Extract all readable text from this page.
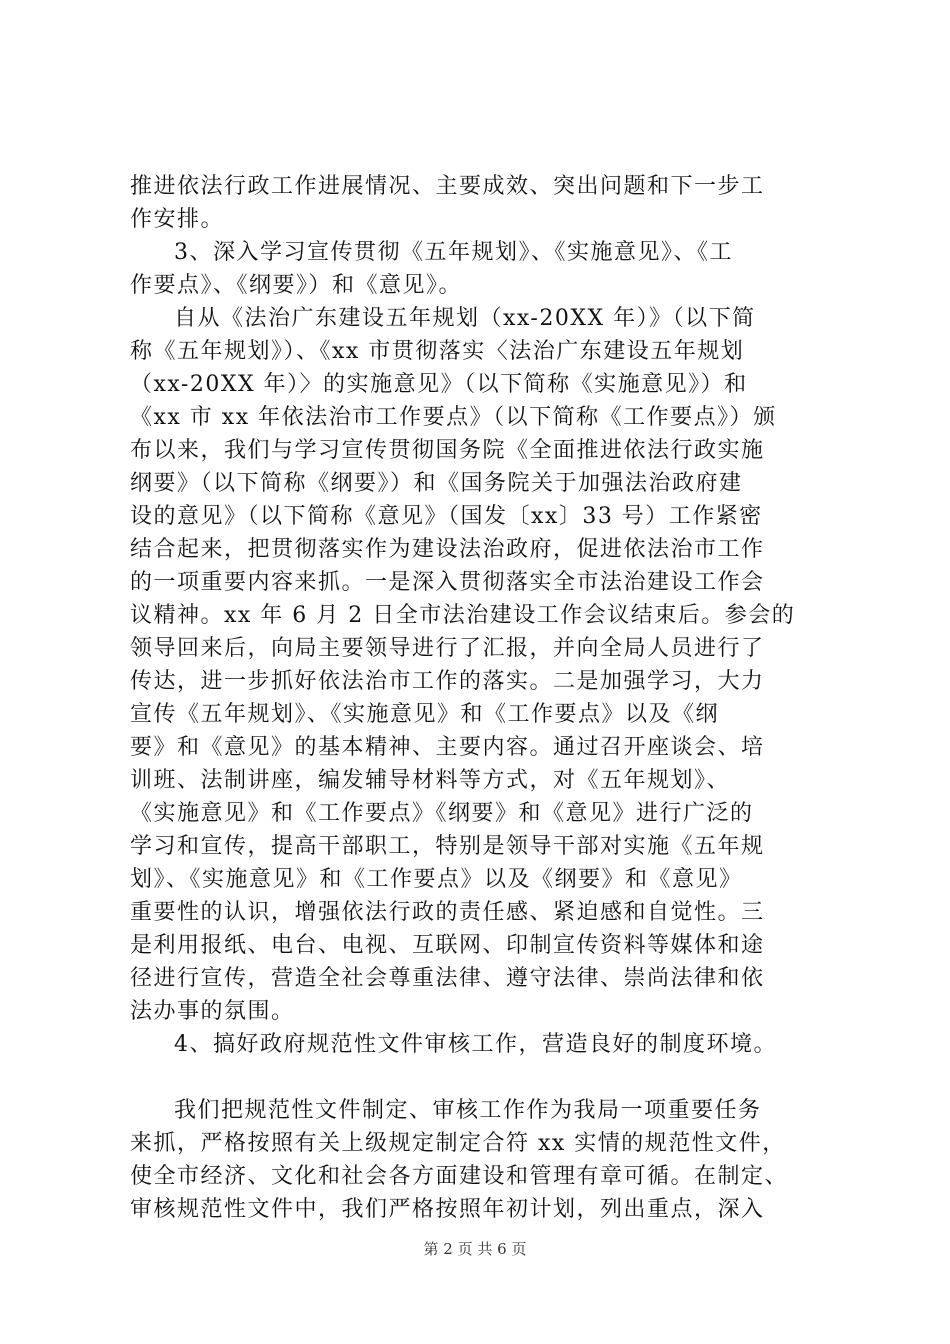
推进依法行政工作进展情况、主要成效、突出问题和下一步工
作安排。
3、深入学习宣传贯彻《五年规划》、《实施意见》、《工
作要点》、《纲要》）和《意见》。
自从《法治广东建设五年规划（xx-20XX 年）》（以下简
称《五年规划》）、《xx 市贯彻落实〈法治广东建设五年规划
（xx-20XX 年）〉的实施意见》（以下简称《实施意见》）和
《xx 市 xx 年依法治市工作要点》（以下简称《工作要点》）颁
布以来，我们与学习宣传贯彻国务院《全面推进依法行政实施
纲要》（以下简称《纲要》）和《国务院关于加强法治政府建
设的意见》（以下简称《意见》（国发〔xx〕33 号）工作紧密
结合起来，把贯彻落实作为建设法治政府，促进依法治市工作
的一项重要内容来抓。一是深入贯彻落实全市法治建设工作会
议精神。xx 年 6 月 2 日全市法治建设工作会议结束后。参会的
领导回来后，向局主要领导进行了汇报，并向全局人员进行了
传达，进一步抓好依法治市工作的落实。二是加强学习，大力
宣传《五年规划》、《实施意见》和《工作要点》以及《纲
要》和《意见》的基本精神、主要内容。通过召开座谈会、培
训班、法制讲座，编发辅导材料等方式，对《五年规划》、
《实施意见》和《工作要点》《纲要》和《意见》进行广泛的
学习和宣传，提高干部职工，特别是领导干部对实施《五年规
划》、《实施意见》和《工作要点》以及《纲要》和《意见》
重要性的认识，增强依法行政的责任感、紧迫感和自觉性。三
是利用报纸、电台、电视、互联网、印制宣传资料等媒体和途
径进行宣传，营造全社会尊重法律、遵守法律、崇尚法律和依
法办事的氛围。
4、搞好政府规范性文件审核工作，营造良好的制度环境。
我们把规范性文件制定、审核工作作为我局一项重要任务
来抓，严格按照有关上级规定制定合符 xx 实情的规范性文件，
使全市经济、文化和社会各方面建设和管理有章可循。在制定、
审核规范性文件中，我们严格按照年初计划，列出重点，深入
第 2 页 共 6 页
